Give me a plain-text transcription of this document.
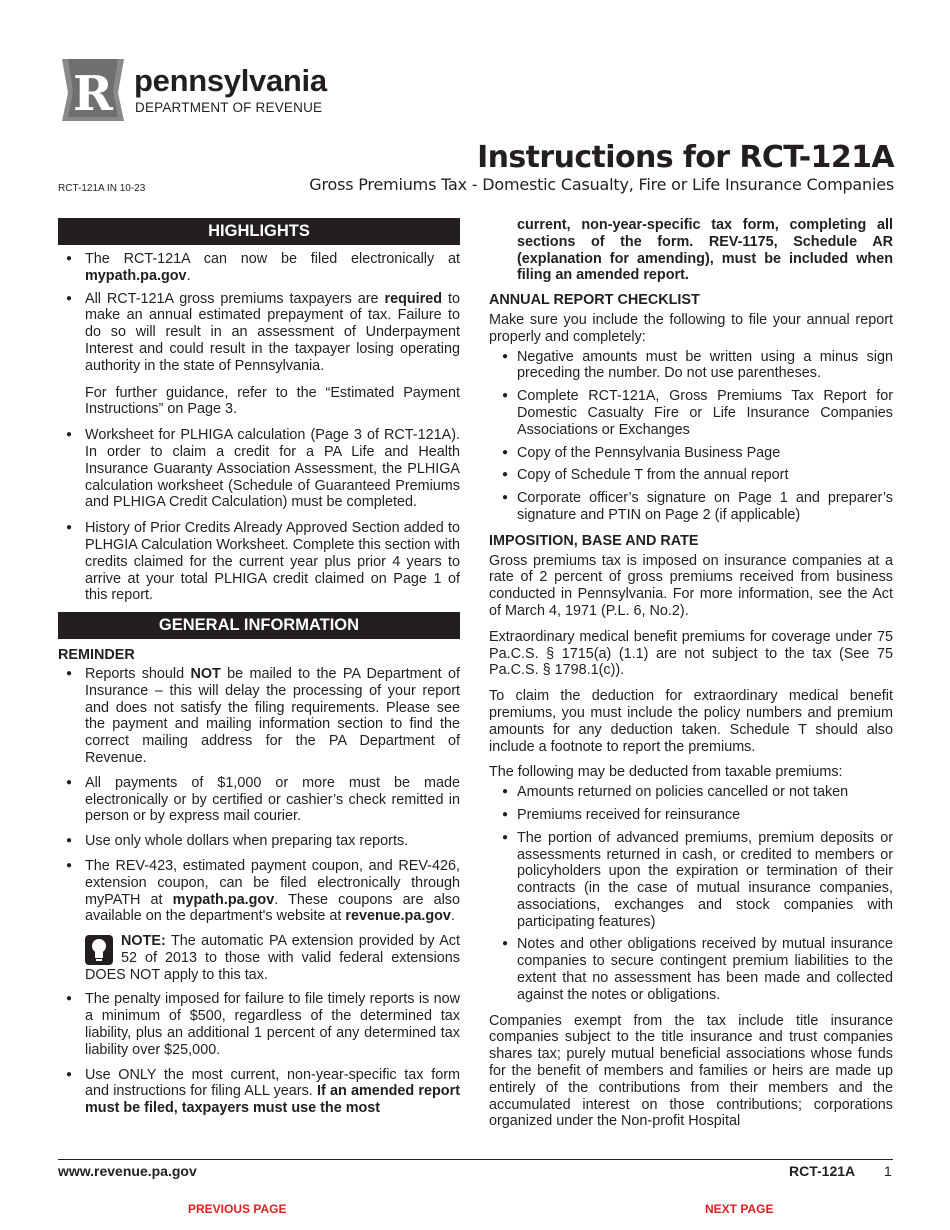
R pennsylvania
DEPARTMENT OF REVENUE
Instructions for RCT-121A
Gross Premiums Tax - Domestic Casualty, Fire or Life Insurance Companies
RCT-121A IN 10-23
HIGHLIGHTS
● The RCT-121A can now be filed electronically at mypath.pa.gov.
● All RCT-121A gross premiums taxpayers are required to make an annual estimated prepayment of tax. Failure to do so will result in an assessment of Underpayment Interest and could result in the taxpayer losing operating authority in the state of Pennsylvania.
For further guidance, refer to the “Estimated Payment Instructions” on Page 3.
● Worksheet for PLHIGA calculation (Page 3 of RCT-121A). In order to claim a credit for a PA Life and Health Insurance Guaranty Association Assessment, the PLHIGA calculation worksheet (Schedule of Guaranteed Premiums and PLHIGA Credit Calculation) must be completed.
● History of Prior Credits Already Approved Section added to PLHGIA Calculation Worksheet. Complete this section with credits claimed for the current year plus prior 4 years to arrive at your total PLHIGA credit claimed on Page 1 of this report.
GENERAL INFORMATION
REMINDER
● Reports should NOT be mailed to the PA Department of Insurance – this will delay the processing of your report and does not satisfy the filing requirements. Please see the payment and mailing information section to find the correct mailing address for the PA Department of Revenue.
● All payments of $1,000 or more must be made electronically or by certified or cashier’s check remitted in person or by express mail courier.
● Use only whole dollars when preparing tax reports.
● The REV-423, estimated payment coupon, and REV-426, extension coupon, can be filed electronically through myPATH at mypath.pa.gov. These coupons are also available on the department's website at revenue.pa.gov.
NOTE: The automatic PA extension provided by Act 52 of 2013 to those with valid federal extensions DOES NOT apply to this tax.
● The penalty imposed for failure to file timely reports is now a minimum of $500, regardless of the determined tax liability, plus an additional 1 percent of any determined tax liability over $25,000.
● Use ONLY the most current, non-year-specific tax form and instructions for filing ALL years. If an amended report must be filed, taxpayers must use the most
current, non-year-specific tax form, completing all sections of the form. REV-1175, Schedule AR (explanation for amending), must be included when filing an amended report.
ANNUAL REPORT CHECKLIST
Make sure you include the following to file your annual report properly and completely:
● Negative amounts must be written using a minus sign preceding the number. Do not use parentheses.
● Complete RCT-121A, Gross Premiums Tax Report for Domestic Casualty Fire or Life Insurance Companies Associations or Exchanges
● Copy of the Pennsylvania Business Page
● Copy of Schedule T from the annual report
● Corporate officer’s signature on Page 1 and preparer’s signature and PTIN on Page 2 (if applicable)
IMPOSITION, BASE AND RATE
Gross premiums tax is imposed on insurance companies at a rate of 2 percent of gross premiums received from business conducted in Pennsylvania. For more information, see the Act of March 4, 1971 (P.L. 6, No.2).
Extraordinary medical benefit premiums for coverage under 75 Pa.C.S. § 1715(a) (1.1) are not subject to the tax (See 75 Pa.C.S. § 1798.1(c)).
To claim the deduction for extraordinary medical benefit premiums, you must include the policy numbers and premium amounts for any deduction taken. Schedule T should also include a footnote to report the premiums.
The following may be deducted from taxable premiums:
● Amounts returned on policies cancelled or not taken
● Premiums received for reinsurance
● The portion of advanced premiums, premium deposits or assessments returned in cash, or credited to members or policyholders upon the expiration or termination of their contracts (in the case of mutual insurance companies, associations, exchanges and stock companies with participating features)
● Notes and other obligations received by mutual insurance companies to secure contingent premium liabilities to the extent that no assessment has been made and collected against the notes or obligations.
Companies exempt from the tax include title insurance companies subject to the title insurance and trust companies shares tax; purely mutual beneficial associations whose funds for the benefit of members and families or heirs are made up entirely of the contributions from their members and the accumulated interest on those contributions; corporations organized under the Non-profit Hospital
www.revenue.pa.gov	RCT-121A 1
PREVIOUS PAGE	NEXT PAGE
